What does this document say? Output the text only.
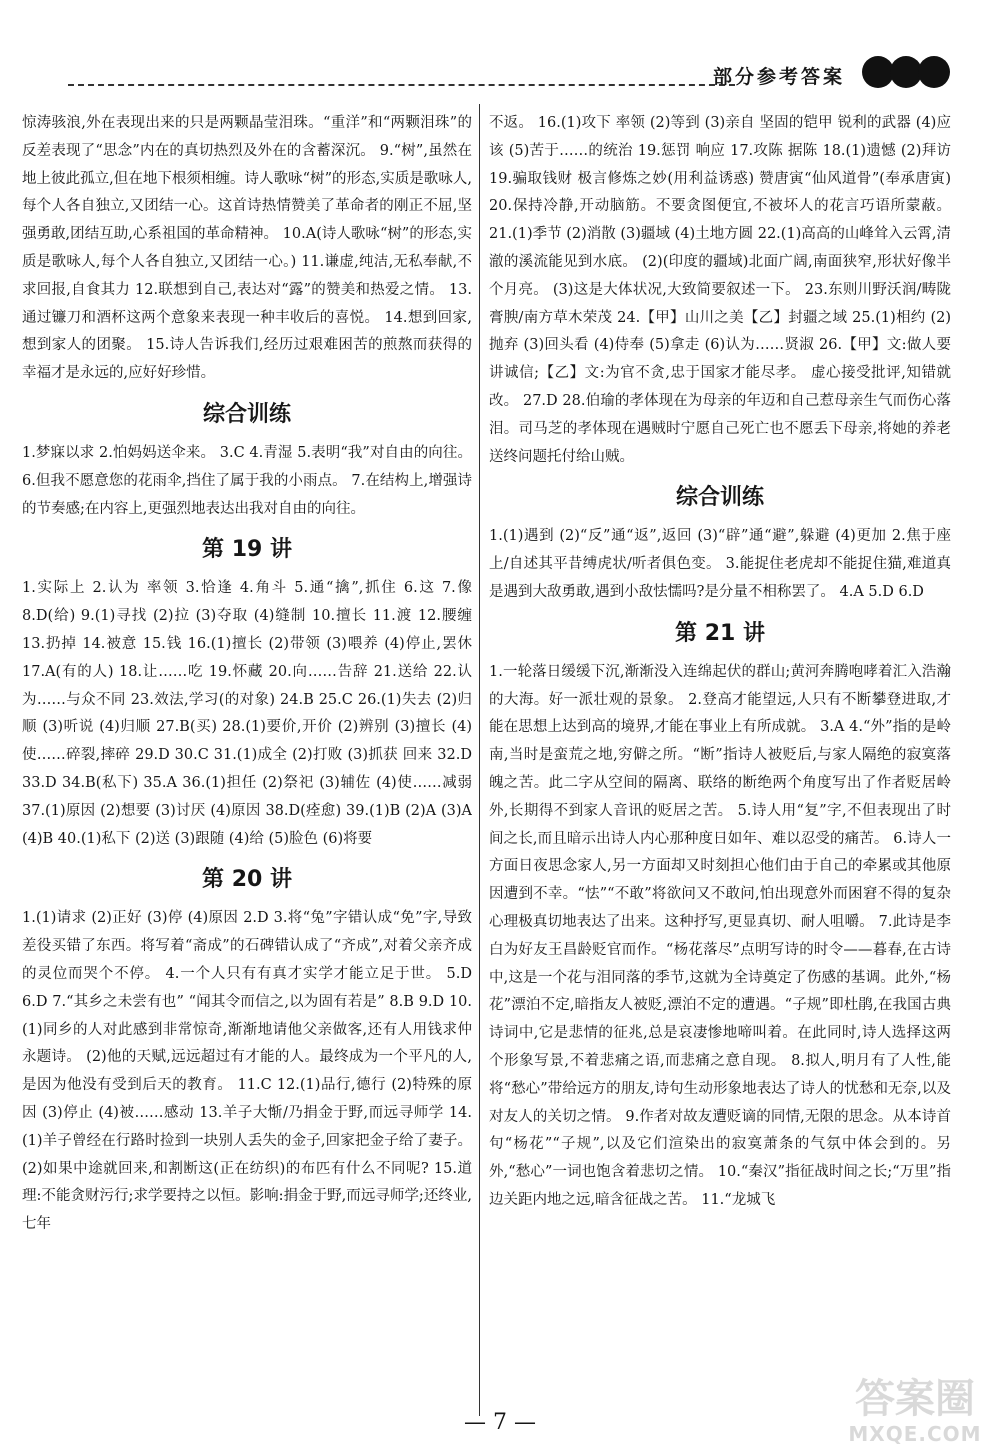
部分参考答案

惊涛骇浪,外在表现出来的只是两颗晶莹泪珠。“重洋”和“两颗泪珠”的反差表现了“思念”内在的真切热烈及外在的含蓄深沉。 9.“树”,虽然在地上彼此孤立,但在地下根须相缠。诗人歌咏“树”的形态,实质是歌咏人,每个人各自独立,又团结一心。这首诗热情赞美了革命者的刚正不屈,坚强勇敢,团结互助,心系祖国的革命精神。 10.A(诗人歌咏“树”的形态,实质是歌咏人,每个人各自独立,又团结一心。) 11.谦虚,纯洁,无私奉献,不求回报,自食其力 12.联想到自己,表达对“露”的赞美和热爱之情。 13.通过镰刀和酒杯这两个意象来表现一种丰收后的喜悦。 14.想到回家,想到家人的团聚。 15.诗人告诉我们,经历过艰难困苦的煎熬而获得的幸福才是永远的,应好好珍惜。

综合训练

1.梦寐以求 2.怕妈妈送伞来。 3.C 4.青湿 5.表明“我”对自由的向往。 6.但我不愿意您的花雨伞,挡住了属于我的小雨点。 7.在结构上,增强诗的节奏感;在内容上,更强烈地表达出我对自由的向往。

第 19 讲

1.实际上 2.认为 率领 3.恰逢 4.角斗 5.通“擒”,抓住 6.这 7.像 8.D(给) 9.(1)寻找 (2)拉 (3)夺取 (4)缝制 10.擅长 11.渡 12.腰缠 13.扔掉 14.被意 15.钱 16.(1)擅长 (2)带领 (3)喂养 (4)停止,罢休 17.A(有的人) 18.让……吃 19.怀藏 20.向……告辞 21.送给 22.认为……与众不同 23.效法,学习(的对象) 24.B 25.C 26.(1)失去 (2)归顺 (3)听说 (4)归顺 27.B(买) 28.(1)要价,开价 (2)辨别 (3)擅长 (4)使……碎裂,摔碎 29.D 30.C 31.(1)成全 (2)打败 (3)抓获 回来 32.D 33.D 34.B(私下) 35.A 36.(1)担任 (2)祭祀 (3)辅佐 (4)使……减弱 37.(1)原因 (2)想要 (3)讨厌 (4)原因 38.D(痊愈) 39.(1)B (2)A (3)A (4)B 40.(1)私下 (2)送 (3)跟随 (4)给 (5)脸色 (6)将要

第 20 讲

1.(1)请求 (2)正好 (3)停 (4)原因 2.D 3.将“兔”字错认成“免”字,导致差役买错了东西。将写着“斋成”的石碑错认成了“齐成”,对着父亲齐成的灵位而哭个不停。 4.一个人只有有真才实学才能立足于世。 5.D 6.D 7.“其乡之未尝有也” “闻其令而信之,以为固有若是” 8.B 9.D 10.(1)同乡的人对此感到非常惊奇,渐渐地请他父亲做客,还有人用钱求仲永题诗。 (2)他的天赋,远远超过有才能的人。最终成为一个平凡的人,是因为他没有受到后天的教育。 11.C 12.(1)品行,德行 (2)特殊的原因 (3)停止 (4)被……感动 13.羊子大惭/乃捐金于野,而远寻师学 14.(1)羊子曾经在行路时捡到一块别人丢失的金子,回家把金子给了妻子。 (2)如果中途就回来,和割断这(正在纺织)的布匹有什么不同呢? 15.道理:不能贪财污行;求学要持之以恒。影响:捐金于野,而远寻师学;还终业,七年

不返。 16.(1)攻下 率领 (2)等到 (3)亲自 坚固的铠甲 锐利的武器 (4)应该 (5)苦于……的统治 19.惩罚 响应 17.攻陈 据陈 18.(1)遗憾 (2)拜访 19.骗取钱财 极言修炼之妙(用利益诱惑) 赞唐寅“仙风道骨”(奉承唐寅) 20.保持冷静,开动脑筋。不要贪图便宜,不被坏人的花言巧语所蒙蔽。 21.(1)季节 (2)消散 (3)疆域 (4)土地方圆 22.(1)高高的山峰耸入云霄,清澈的溪流能见到水底。 (2)(印度的疆域)北面广阔,南面狭窄,形状好像半个月亮。 (3)这是大体状况,大致简要叙述一下。 23.东则川野沃润/畴陇膏腴/南方草木荣茂 24.【甲】山川之美【乙】封疆之域 25.(1)相约 (2)抛弃 (3)回头看 (4)侍奉 (5)拿走 (6)认为……贤淑 26.【甲】文:做人要讲诚信;【乙】文:为官不贪,忠于国家才能尽孝。 虚心接受批评,知错就改。 27.D 28.伯瑜的孝体现在为母亲的年迈和自己惹母亲生气而伤心落泪。司马芝的孝体现在遇贼时宁愿自己死亡也不愿丢下母亲,将她的养老送终问题托付给山贼。

综合训练

1.(1)遇到 (2)“反”通“返”,返回 (3)“辟”通“避”,躲避 (4)更加 2.焦于座上/自述其平昔缚虎状/听者俱色变。 3.能捉住老虎却不能捉住猫,难道真是遇到大敌勇敢,遇到小敌怯懦吗?是分量不相称罢了。 4.A 5.D 6.D

第 21 讲

1.一轮落日缓缓下沉,渐渐没入连绵起伏的群山;黄河奔腾咆哮着汇入浩瀚的大海。好一派壮观的景象。 2.登高才能望远,人只有不断攀登进取,才能在思想上达到高的境界,才能在事业上有所成就。 3.A 4.“外”指的是岭南,当时是蛮荒之地,穷僻之所。“断”指诗人被贬后,与家人隔绝的寂寞落魄之苦。此二字从空间的隔离、联络的断绝两个角度写出了作者贬居岭外,长期得不到家人音讯的贬居之苦。 5.诗人用“复”字,不但表现出了时间之长,而且暗示出诗人内心那种度日如年、难以忍受的痛苦。 6.诗人一方面日夜思念家人,另一方面却又时刻担心他们由于自己的牵累或其他原因遭到不幸。“怯”“不敢”将欲问又不敢问,怕出现意外而困窘不得的复杂心理极真切地表达了出来。这种抒写,更显真切、耐人咀嚼。 7.此诗是李白为好友王昌龄贬官而作。“杨花落尽”点明写诗的时令——暮春,在古诗中,这是一个花与泪同落的季节,这就为全诗奠定了伤感的基调。此外,“杨花”漂泊不定,暗指友人被贬,漂泊不定的遭遇。“子规”即杜鹃,在我国古典诗词中,它是悲情的征兆,总是哀凄惨地啼叫着。在此同时,诗人选择这两个形象写景,不着悲痛之语,而悲痛之意自现。 8.拟人,明月有了人性,能将“愁心”带给远方的朋友,诗句生动形象地表达了诗人的忧愁和无奈,以及对友人的关切之情。 9.作者对故友遭贬谪的同情,无限的思念。从本诗首句“杨花”“子规”,以及它们渲染出的寂寞萧条的气氛中体会到的。另外,“愁心”一词也饱含着悲切之情。 10.“秦汉”指征战时间之长;“万里”指边关距内地之远,暗含征战之苦。 11.“龙城飞

— 7 —
答案圈
MXQE.COM
